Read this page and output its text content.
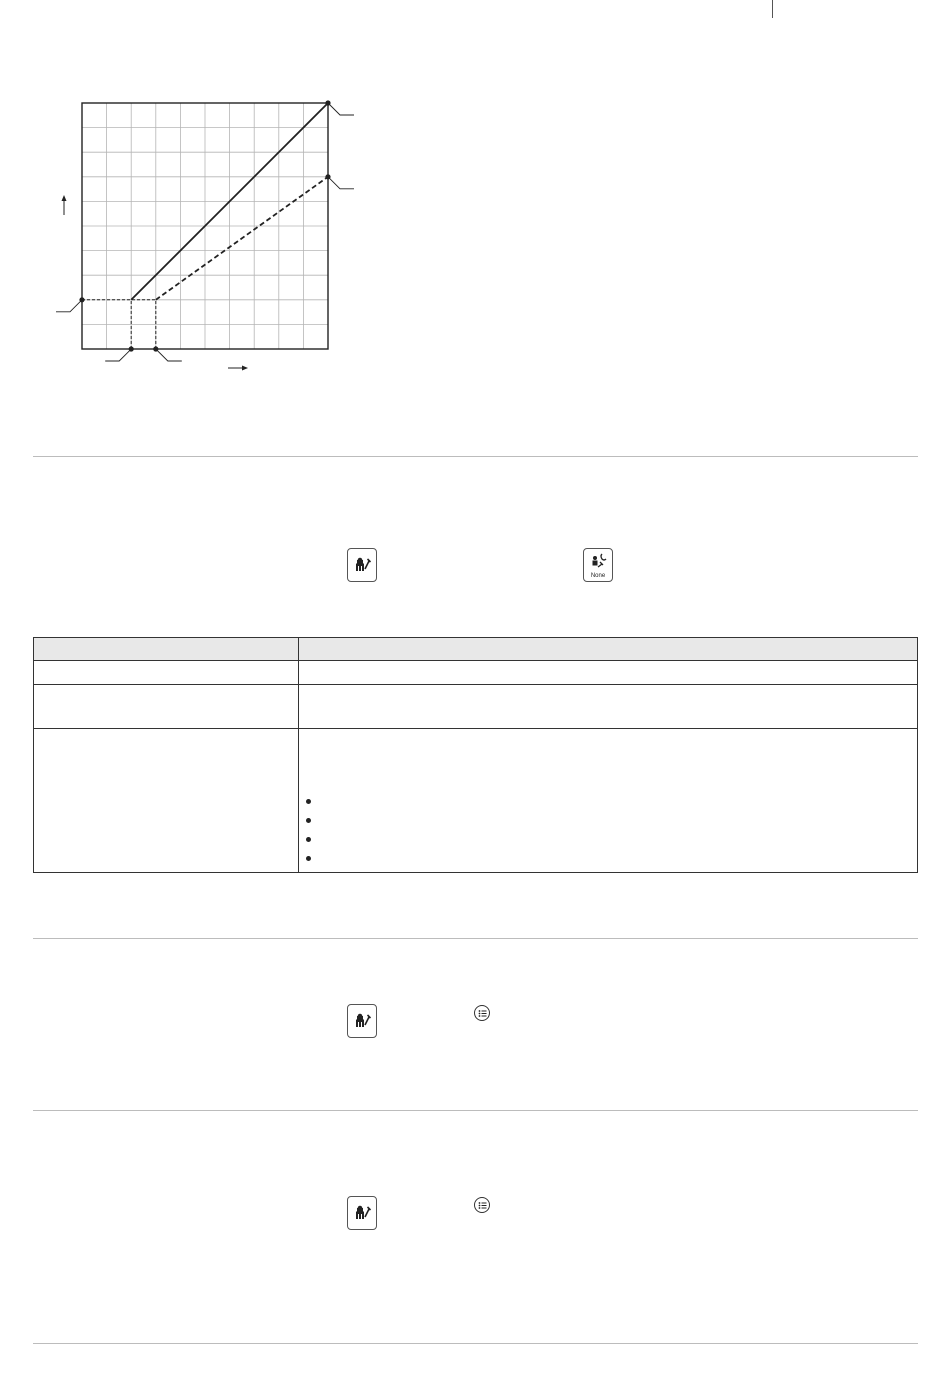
None
